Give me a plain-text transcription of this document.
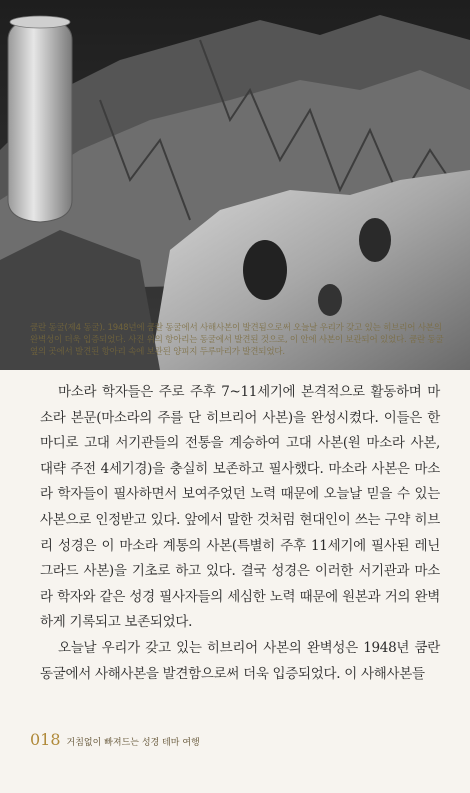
쿰란 동굴(제4 동굴). 1948년에 쿰란 동굴에서 사해사본이 발견됨으로써 오늘날 우리가 갖고 있는 히브리어 사본의 완벽성이 더욱 입증되었다. 사진 위의 항아리는 동굴에서 발견된 것으로, 이 안에 사본이 보관되어 있었다. 쿰란 동굴 옆의 곳에서 발견된 항아리 속에 보관된 양피지 두루마리가 발견되었다.

마소라 학자들은 주로 주후 7~11세기에 본격적으로 활동하며 마소라 본문(마소라의 주를 단 히브리어 사본)을 완성시켰다. 이들은 한마디로 고대 서기관들의 전통을 계승하여 고대 사본(원 마소라 사본, 대략 주전 4세기경)을 충실히 보존하고 필사했다. 마소라 사본은 마소라 학자들이 필사하면서 보여주었던 노력 때문에 오늘날 믿을 수 있는 사본으로 인정받고 있다. 앞에서 말한 것처럼 현대인이 쓰는 구약 히브리 성경은 이 마소라 계통의 사본(특별히 주후 11세기에 필사된 레닌그라드 사본)을 기초로 하고 있다. 결국 성경은 이러한 서기관과 마소라 학자와 같은 성경 필사자들의 세심한 노력 때문에 원본과 거의 완벽하게 기록되고 보존되었다.

오늘날 우리가 갖고 있는 히브리어 사본의 완벽성은 1948년 쿰란 동굴에서 사해사본을 발견함으로써 더욱 입증되었다. 이 사해사본들

018 거침없이 빠져드는 성경 테마 여행
